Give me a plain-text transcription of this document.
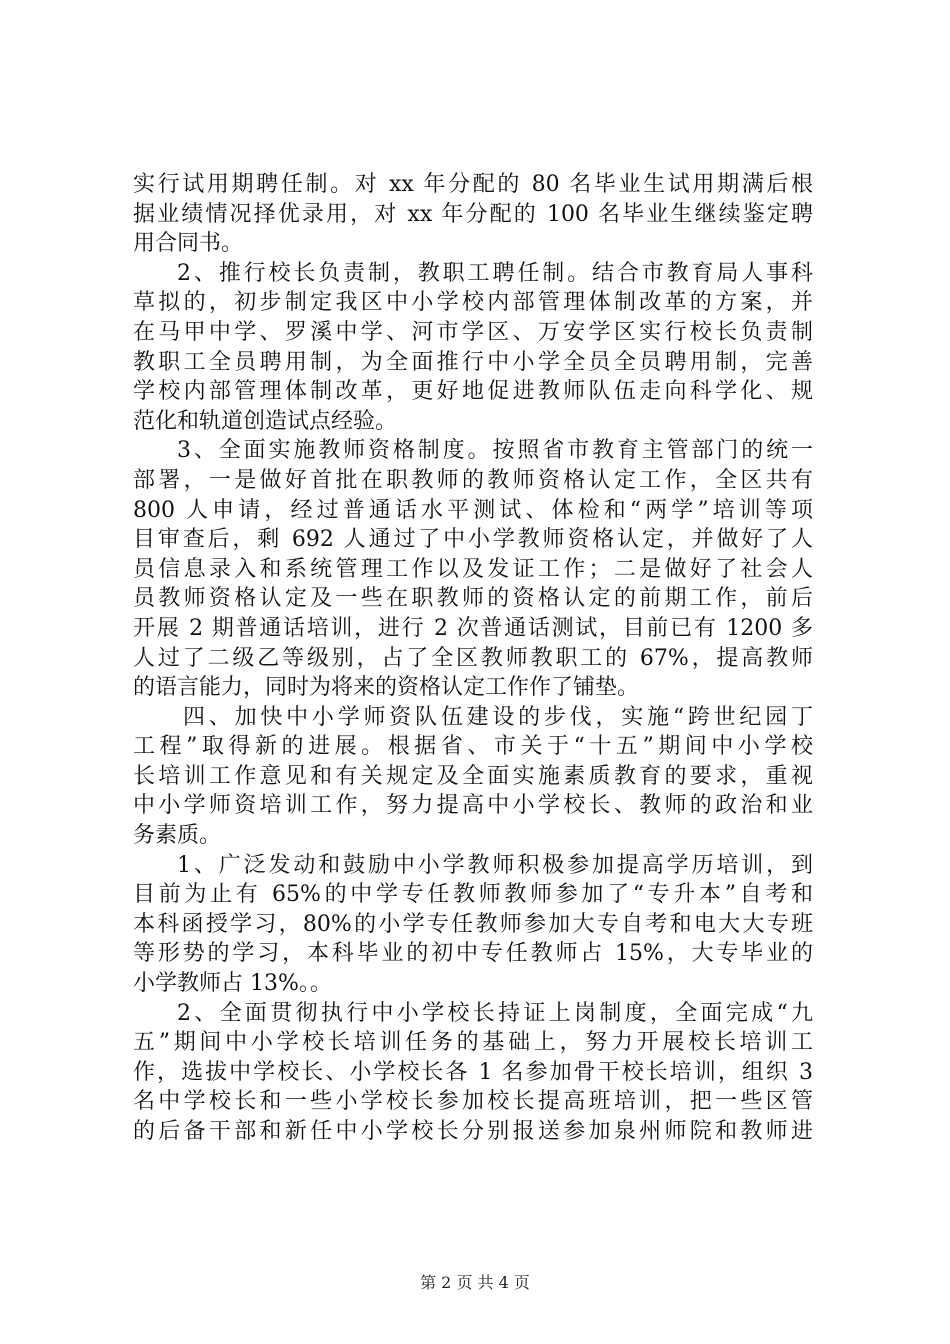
实行试用期聘任制。对 xx 年分配的 80 名毕业生试用期满后根
据业绩情况择优录用，对 xx 年分配的 100 名毕业生继续鉴定聘
用合同书。
2、推行校长负责制，教职工聘任制。结合市教育局人事科
草拟的，初步制定我区中小学校内部管理体制改革的方案，并
在马甲中学、罗溪中学、河市学区、万安学区实行校长负责制
教职工全员聘用制，为全面推行中小学全员全员聘用制，完善
学校内部管理体制改革，更好地促进教师队伍走向科学化、规
范化和轨道创造试点经验。
3、全面实施教师资格制度。按照省市教育主管部门的统一
部署，一是做好首批在职教师的教师资格认定工作，全区共有
800 人申请，经过普通话水平测试、体检和“两学”培训等项
目审查后，剩 692 人通过了中小学教师资格认定，并做好了人
员信息录入和系统管理工作以及发证工作；二是做好了社会人
员教师资格认定及一些在职教师的资格认定的前期工作，前后
开展 2 期普通话培训，进行 2 次普通话测试，目前已有 1200 多
人过了二级乙等级别，占了全区教师教职工的 67%，提高教师
的语言能力，同时为将来的资格认定工作作了铺垫。
四、加快中小学师资队伍建设的步伐，实施“跨世纪园丁
工程”取得新的进展。根据省、市关于“十五”期间中小学校
长培训工作意见和有关规定及全面实施素质教育的要求，重视
中小学师资培训工作，努力提高中小学校长、教师的政治和业
务素质。
1、广泛发动和鼓励中小学教师积极参加提高学历培训，到
目前为止有 65%的中学专任教师教师参加了“专升本”自考和
本科函授学习，80%的小学专任教师参加大专自考和电大大专班
等形势的学习，本科毕业的初中专任教师占 15%，大专毕业的
小学教师占 13%。。
2、全面贯彻执行中小学校长持证上岗制度，全面完成“九
五”期间中小学校长培训任务的基础上，努力开展校长培训工
作，选拔中学校长、小学校长各 1 名参加骨干校长培训，组织 3
名中学校长和一些小学校长参加校长提高班培训，把一些区管
的后备干部和新任中小学校长分别报送参加泉州师院和教师进
第 2 页 共 4 页
